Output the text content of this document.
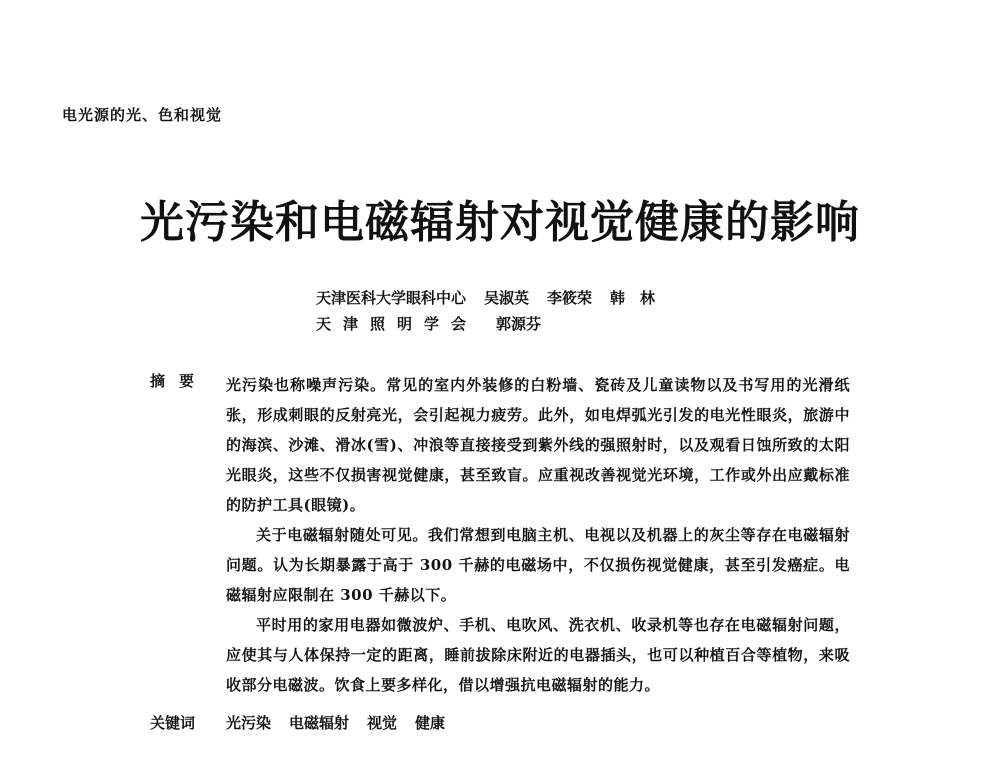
电光源的光、色和视觉
光污染和电磁辐射对视觉健康的影响
天津医科大学眼科中心 吴淑英 李筱荣 韩　林
天津照明学会 郭源芬
摘要 光污染也称噪声污染。常见的室内外装修的白粉墙、瓷砖及儿童读物以及书写用的光滑纸张，形成刺眼的反射亮光，会引起视力疲劳。此外，如电焊弧光引发的电光性眼炎，旅游中的海滨、沙滩、滑冰(雪)、冲浪等直接接受到紫外线的强照射时，以及观看日蚀所致的太阳光眼炎，这些不仅损害视觉健康，甚至致盲。应重视改善视觉光环境，工作或外出应戴标准的防护工具(眼镜)。

关于电磁辐射随处可见。我们常想到电脑主机、电视以及机器上的灰尘等存在电磁辐射问题。认为长期暴露于高于 300 千赫的电磁场中，不仅损伤视觉健康，甚至引发癌症。电磁辐射应限制在 300 千赫以下。

平时用的家用电器如微波炉、手机、电吹风、洗衣机、收录机等也存在电磁辐射问题，应使其与人体保持一定的距离，睡前拔除床附近的电器插头，也可以种植百合等植物，来吸收部分电磁波。饮食上要多样化，借以增强抗电磁辐射的能力。

关键词 光污染 电磁辐射 视觉 健康
